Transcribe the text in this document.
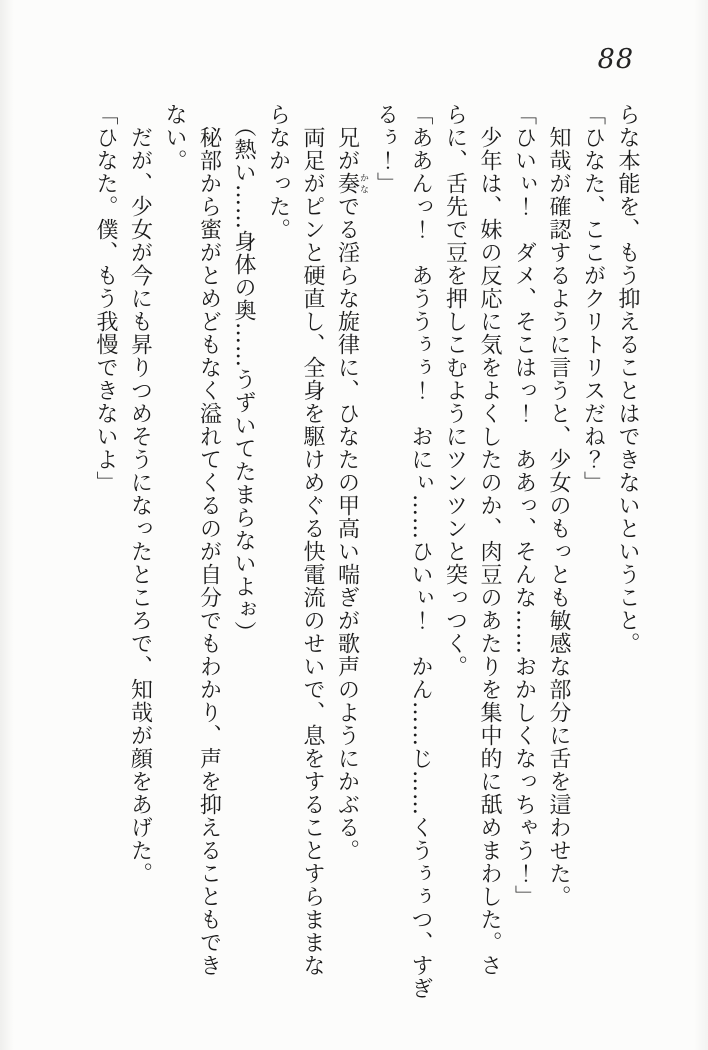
88

らな本能を、もう抑えることはできないということ。

「ひなた、ここがクリトリスだね？」

　知哉が確認するように言うと、少女のもっとも敏感な部分に舌を這わせた。

「ひいぃ！　ダメ、そこはっ！　ああっ、そんな……おかしくなっちゃう！」

　少年は、妹の反応に気をよくしたのか、肉豆のあたりを集中的に舐めまわした。さ

らに、舌先で豆を押しこむようにツンツンと突っつく。

「ああんっ！　あううぅぅ！　おにぃ……ひいぃ！　かん……じ……くうぅぅつ、すぎ

るぅ！」

　兄が奏かなでる淫らな旋律に、ひなたの甲高い喘ぎが歌声のようにかぶる。

　両足がピンと硬直し、全身を駆けめぐる快電流のせいで、息をすることすらままな

らなかった。

　（熱い……身体の奥……うずいてたまらないよぉ）

　秘部から蜜がとめどもなく溢れてくるのが自分でもわかり、声を抑えることもでき

ない。

　だが、少女が今にも昇りつめそうになったところで、知哉が顔をあげた。

「ひなた。僕、もう我慢できないよ」
